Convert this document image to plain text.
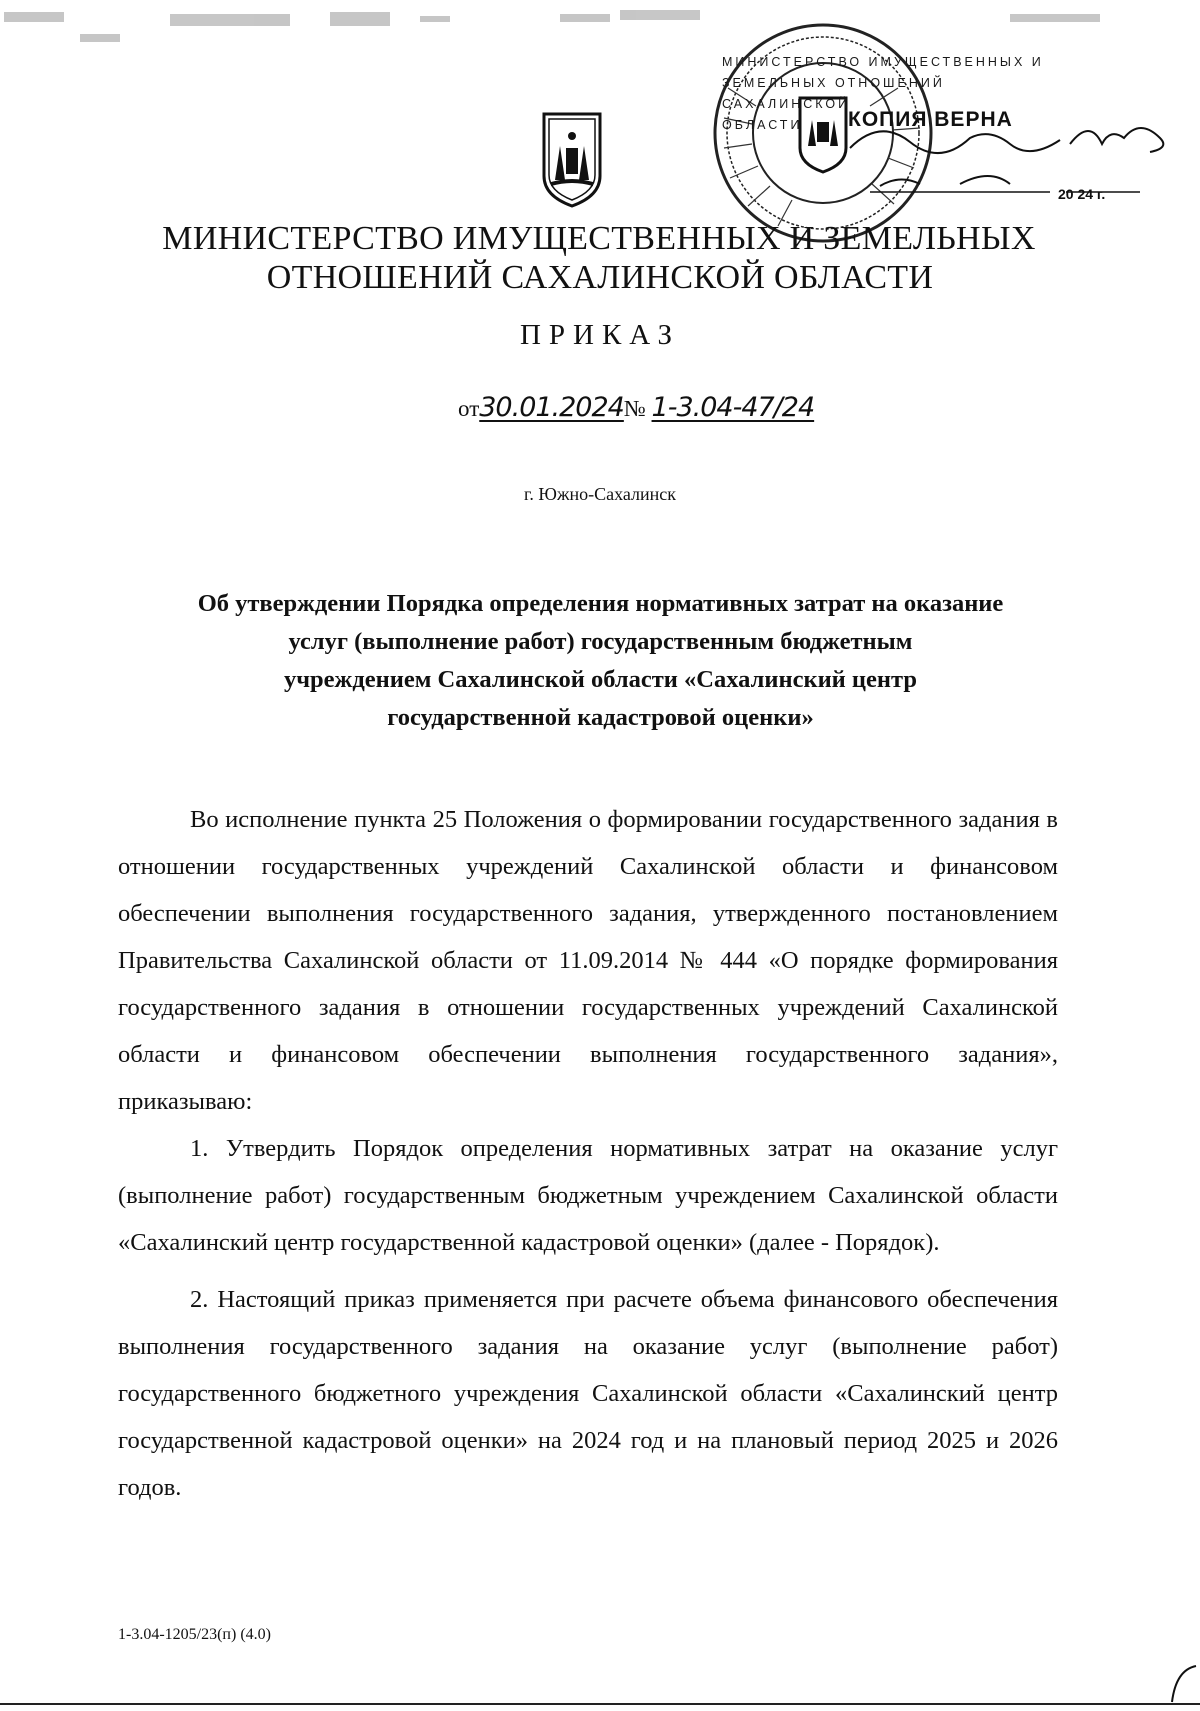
МИНИСТЕРСТВО ИМУЩЕСТВЕННЫХ И
ЗЕМЕЛЬНЫХ ОТНОШЕНИЙ САХАЛИНСКОЙ
ОБЛАСТИ	КОПИЯ ВЕРНА
20 24 г.
МИНИСТЕРСТВО ИМУЩЕСТВЕННЫХ И ЗЕМЕЛЬНЫХ
ОТНОШЕНИЙ САХАЛИНСКОЙ ОБЛАСТИ
ПРИКАЗ
от30.01.2024№ 1-3.04-47/24
г. Южно-Сахалинск
Об утверждении Порядка определения нормативных затрат на оказание
услуг (выполнение работ) государственным бюджетным
учреждением Сахалинской области «Сахалинский центр
государственной кадастровой оценки»

Во исполнение пункта 25 Положения о формировании государственного задания в отношении государственных учреждений Сахалинской области и финансовом обеспечении выполнения государственного задания, утвержденного постановлением Правительства Сахалинской области от 11.09.2014 № 444 «О порядке формирования государственного задания в отношении государственных учреждений Сахалинской области и финансовом обеспечении выполнения государственного задания», приказываю:

1. Утвердить Порядок определения нормативных затрат на оказание услуг (выполнение работ) государственным бюджетным учреждением Сахалинской области «Сахалинский центр государственной кадастровой оценки» (далее - Порядок).

2. Настоящий приказ применяется при расчете объема финансового обеспечения выполнения государственного задания на оказание услуг (выполнение работ) государственного бюджетного учреждения Сахалинской области «Сахалинский центр государственной кадастровой оценки» на 2024 год и на плановый период 2025 и 2026 годов.

1-3.04-1205/23(п) (4.0)
